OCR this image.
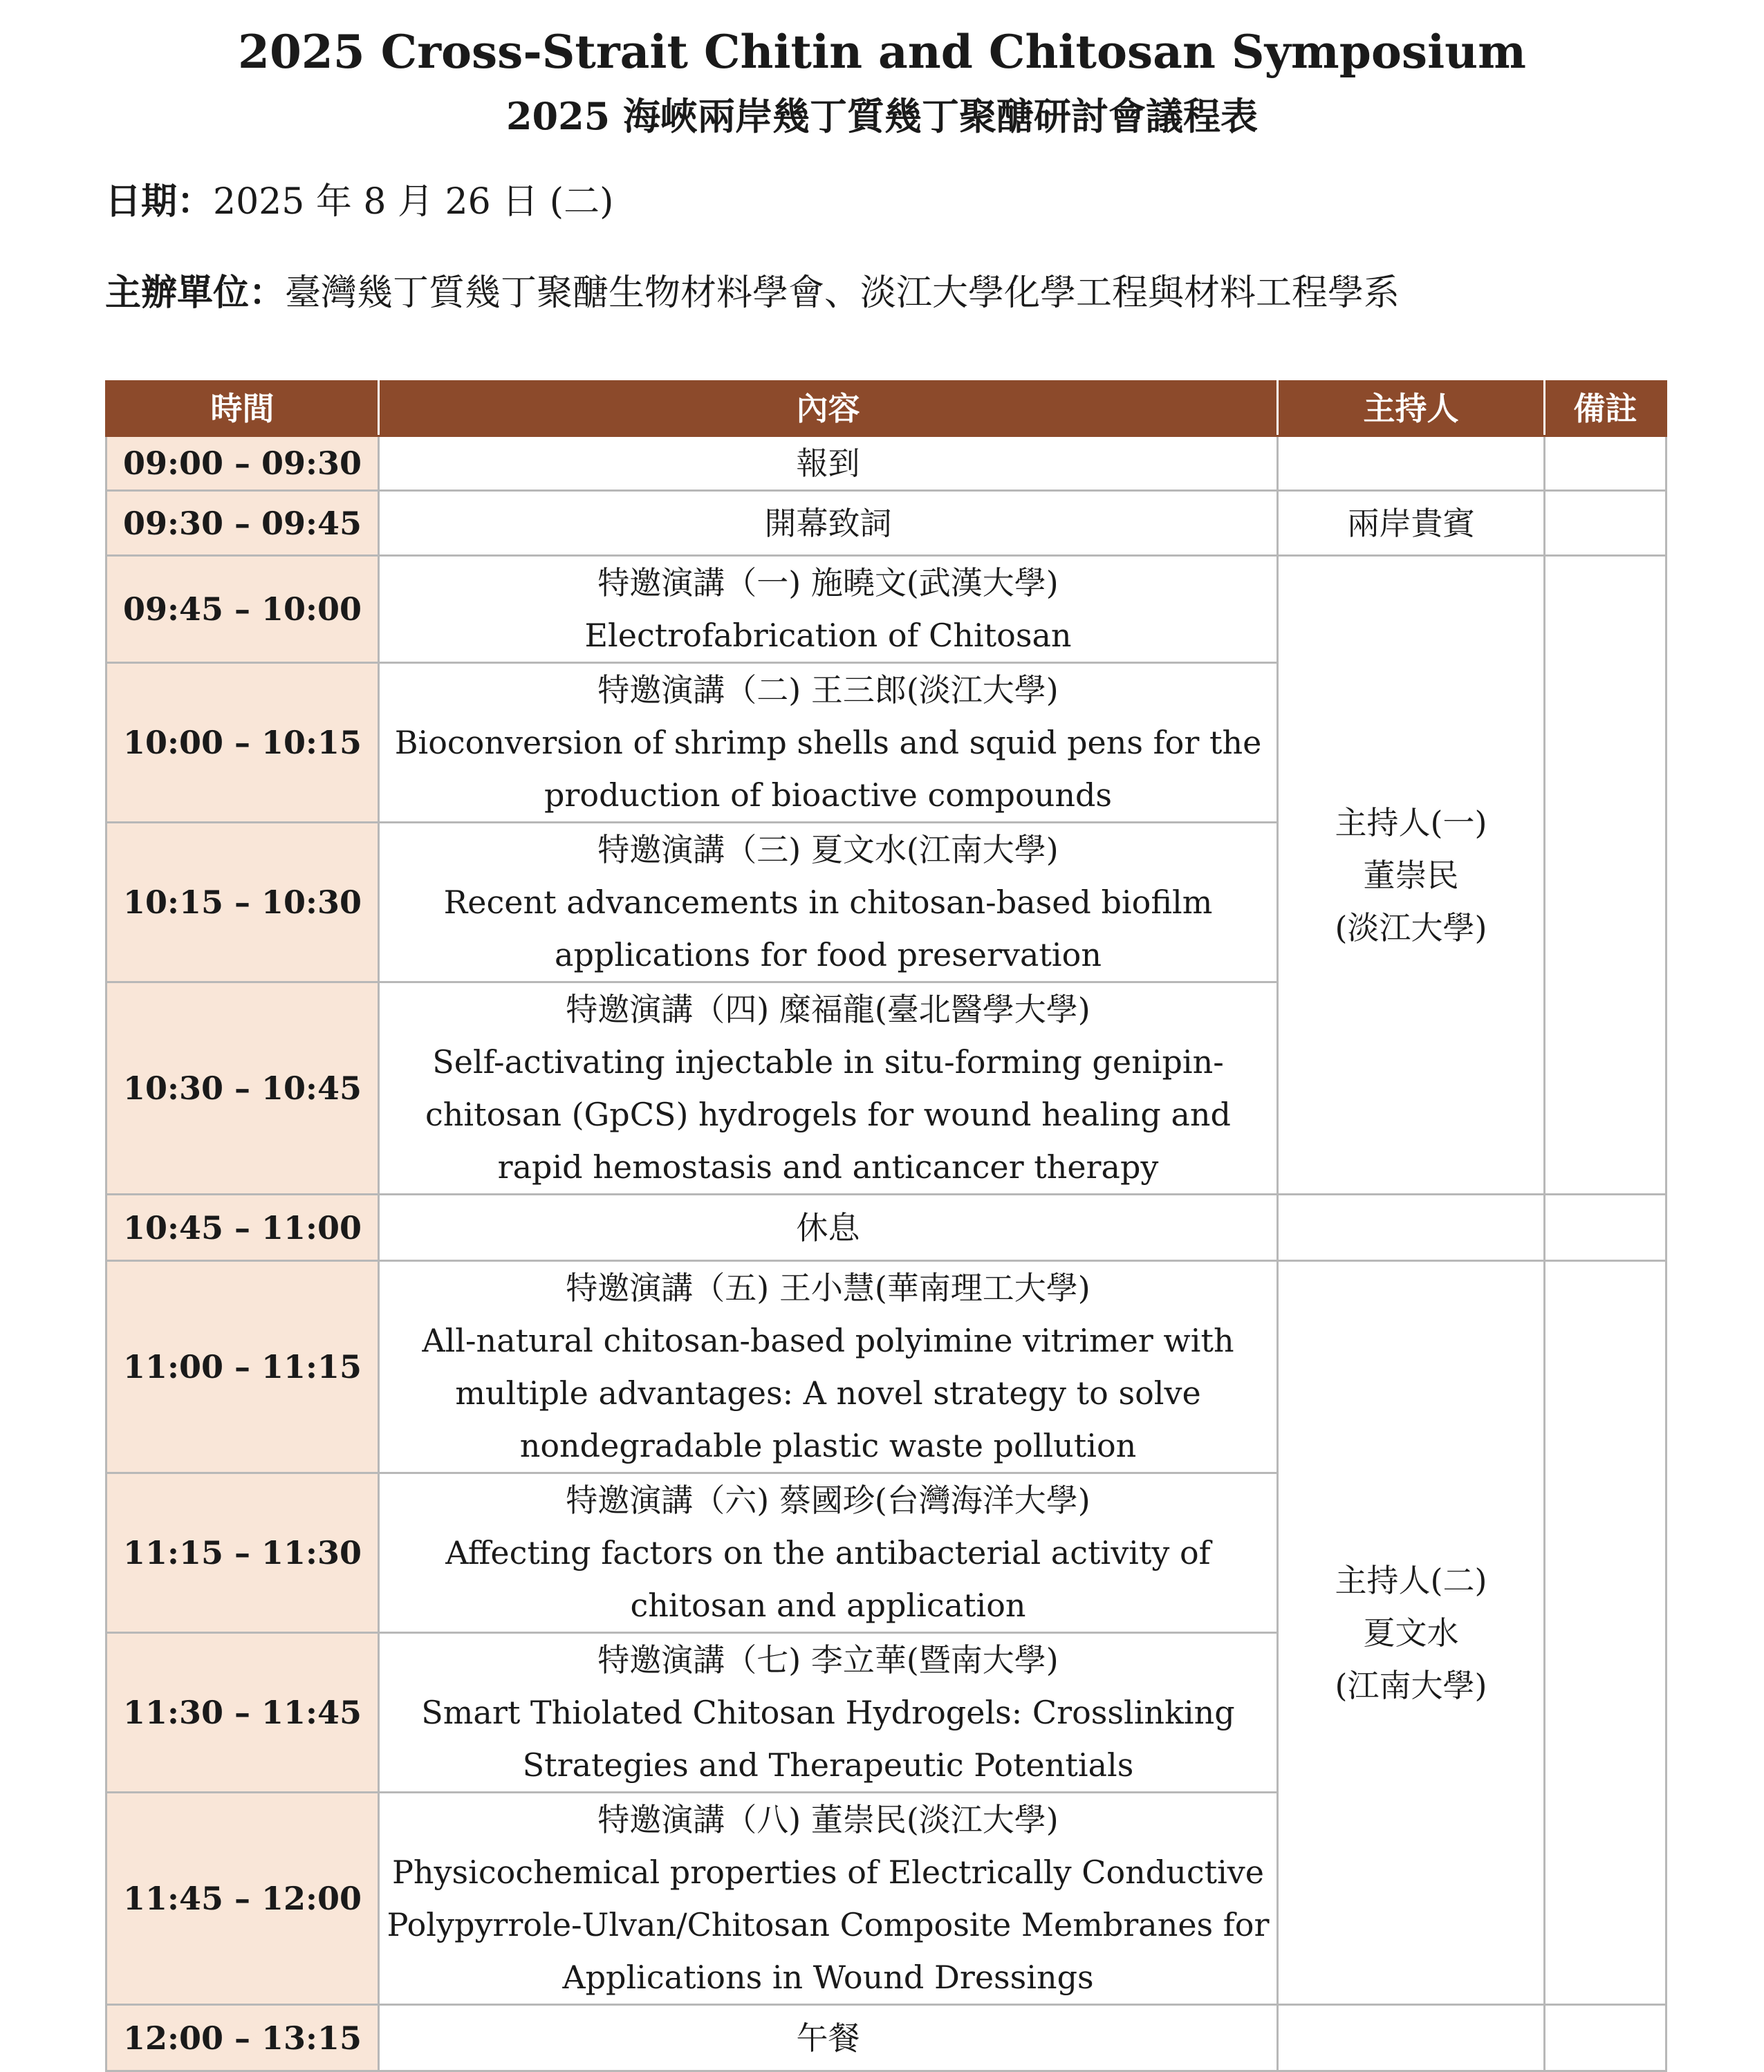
2025 Cross-Strait Chitin and Chitosan Symposium
2025 海峽兩岸幾丁質幾丁聚醣研討會議程表
日期：2025 年 8 月 26 日 (二)
主辦單位：臺灣幾丁質幾丁聚醣生物材料學會、淡江大學化學工程與材料工程學系
時間	內容	主持人	備註
09:00 – 09:30	報到		
09:30 – 09:45	開幕致詞	兩岸貴賓	
09:45 – 10:00	特邀演講（一) 施曉文(武漢大學)
Electrofabrication of Chitosan	主持人(一)
董崇民
(淡江大學)	

10:00 – 10:15	特邀演講（二) 王三郎(淡江大學)
Bioconversion of shrimp shells and squid pens for the production of bioactive compounds		

10:15 – 10:30	特邀演講（三) 夏文水(江南大學)
Recent advancements in chitosan-based biofilm applications for food preservation		

10:30 – 10:45	特邀演講（四) 糜福龍(臺北醫學大學)
Self-activating injectable in situ-forming genipin-chitosan (GpCS) hydrogels for wound healing and rapid hemostasis and anticancer therapy		

10:45 – 11:00	休息		
11:00 – 11:15	特邀演講（五) 王小慧(華南理工大學)
All-natural chitosan-based polyimine vitrimer with multiple advantages: A novel strategy to solve nondegradable plastic waste pollution	主持人(二)
夏文水
(江南大學)	

11:15 – 11:30	特邀演講（六) 蔡國珍(台灣海洋大學)
Affecting factors on the antibacterial activity of chitosan and application		

11:30 – 11:45	特邀演講（七) 李立華(暨南大學)
Smart Thiolated Chitosan Hydrogels: Crosslinking Strategies and Therapeutic Potentials		

11:45 – 12:00	特邀演講（八) 董崇民(淡江大學)
Physicochemical properties of Electrically Conductive Polypyrrole-Ulvan/Chitosan Composite Membranes for Applications in Wound Dressings		

12:00 – 13:15	午餐		
